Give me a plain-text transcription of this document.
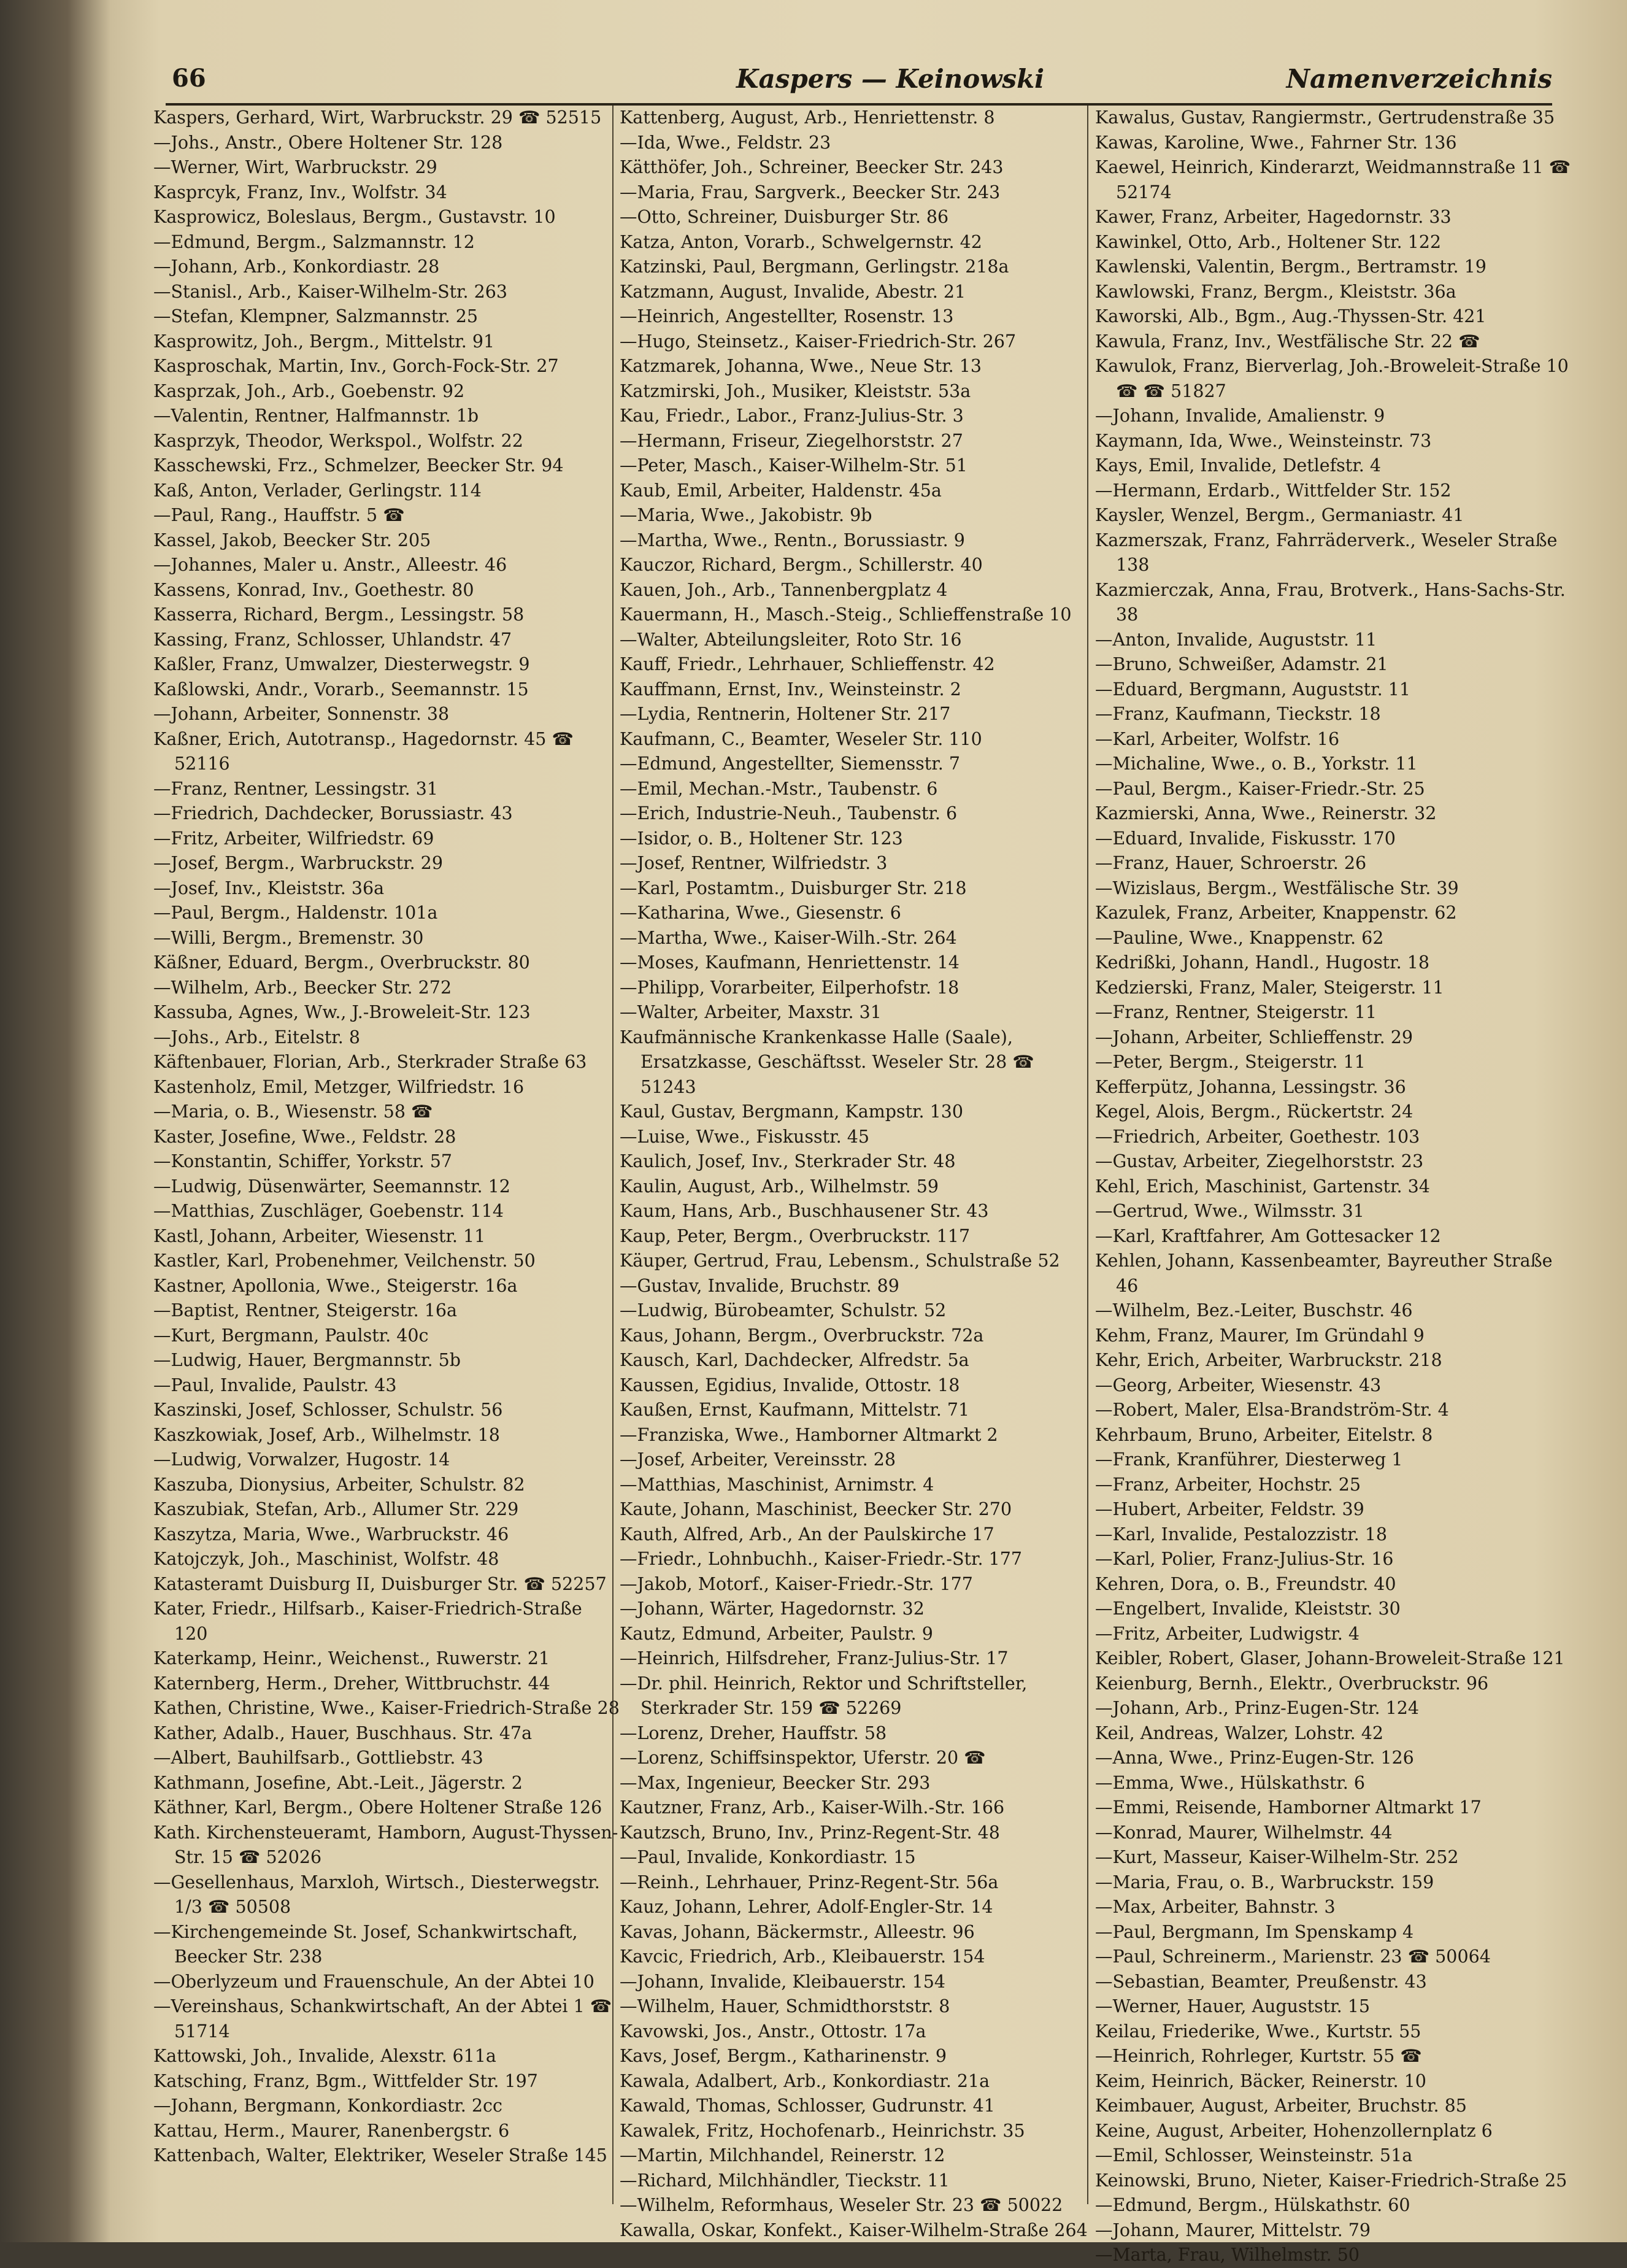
66	Kaspers — Keinowski	Namenverzeichnis

Kaspers, Gerhard, Wirt, Warbruckstr. 29 ☎ 52515

—Johs., Anstr., Obere Holtener Str. 128

—Werner, Wirt, Warbruckstr. 29

Kasprcyk, Franz, Inv., Wolfstr. 34

Kasprowicz, Boleslaus, Bergm., Gustavstr. 10

—Edmund, Bergm., Salzmannstr. 12

—Johann, Arb., Konkordiastr. 28

—Stanisl., Arb., Kaiser-Wilhelm-Str. 263

—Stefan, Klempner, Salzmannstr. 25

Kasprowitz, Joh., Bergm., Mittelstr. 91

Kasproschak, Martin, Inv., Gorch-Fock-Str. 27

Kasprzak, Joh., Arb., Goebenstr. 92

—Valentin, Rentner, Halfmannstr. 1b

Kasprzyk, Theodor, Werkspol., Wolfstr. 22

Kasschewski, Frz., Schmelzer, Beecker Str. 94

Kaß, Anton, Verlader, Gerlingstr. 114

—Paul, Rang., Hauffstr. 5 ☎

Kassel, Jakob, Beecker Str. 205

—Johannes, Maler u. Anstr., Alleestr. 46

Kassens, Konrad, Inv., Goethestr. 80

Kasserra, Richard, Bergm., Lessingstr. 58

Kassing, Franz, Schlosser, Uhlandstr. 47

Kaßler, Franz, Umwalzer, Diesterwegstr. 9

Kaßlowski, Andr., Vorarb., Seemannstr. 15

—Johann, Arbeiter, Sonnenstr. 38

Kaßner, Erich, Autotransp., Hagedornstr. 45 ☎ 52116

—Franz, Rentner, Lessingstr. 31

—Friedrich, Dachdecker, Borussiastr. 43

—Fritz, Arbeiter, Wilfriedstr. 69

—Josef, Bergm., Warbruckstr. 29

—Josef, Inv., Kleiststr. 36a

—Paul, Bergm., Haldenstr. 101a

—Willi, Bergm., Bremenstr. 30

Käßner, Eduard, Bergm., Overbruckstr. 80

—Wilhelm, Arb., Beecker Str. 272

Kassuba, Agnes, Ww., J.-Broweleit-Str. 123

—Johs., Arb., Eitelstr. 8

Käftenbauer, Florian, Arb., Sterkrader Straße 63

Kastenholz, Emil, Metzger, Wilfriedstr. 16

—Maria, o. B., Wiesenstr. 58 ☎

Kaster, Josefine, Wwe., Feldstr. 28

—Konstantin, Schiffer, Yorkstr. 57

—Ludwig, Düsenwärter, Seemannstr. 12

—Matthias, Zuschläger, Goebenstr. 114

Kastl, Johann, Arbeiter, Wiesenstr. 11

Kastler, Karl, Probenehmer, Veilchenstr. 50

Kastner, Apollonia, Wwe., Steigerstr. 16a

—Baptist, Rentner, Steigerstr. 16a

—Kurt, Bergmann, Paulstr. 40c

—Ludwig, Hauer, Bergmannstr. 5b

—Paul, Invalide, Paulstr. 43

Kaszinski, Josef, Schlosser, Schulstr. 56

Kaszkowiak, Josef, Arb., Wilhelmstr. 18

—Ludwig, Vorwalzer, Hugostr. 14

Kaszuba, Dionysius, Arbeiter, Schulstr. 82

Kaszubiak, Stefan, Arb., Allumer Str. 229

Kaszytza, Maria, Wwe., Warbruckstr. 46

Katojczyk, Joh., Maschinist, Wolfstr. 48

Katasteramt Duisburg II, Duisburger Str. ☎ 52257

Kater, Friedr., Hilfsarb., Kaiser-Friedrich-Straße 120

Katerkamp, Heinr., Weichenst., Ruwerstr. 21

Katernberg, Herm., Dreher, Wittbruchstr. 44

Kathen, Christine, Wwe., Kaiser-Friedrich-Straße 28

Kather, Adalb., Hauer, Buschhaus. Str. 47a

—Albert, Bauhilfsarb., Gottliebstr. 43

Kathmann, Josefine, Abt.-Leit., Jägerstr. 2

Käthner, Karl, Bergm., Obere Holtener Straße 126

Kath. Kirchensteueramt, Hamborn, August-Thyssen-Str. 15 ☎ 52026

—Gesellenhaus, Marxloh, Wirtsch., Diesterwegstr. 1/3 ☎ 50508

—Kirchengemeinde St. Josef, Schankwirtschaft, Beecker Str. 238

—Oberlyzeum und Frauenschule, An der Abtei 10

—Vereinshaus, Schankwirtschaft, An der Abtei 1 ☎ 51714

Kattowski, Joh., Invalide, Alexstr. 611a

Katsching, Franz, Bgm., Wittfelder Str. 197

—Johann, Bergmann, Konkordiastr. 2cc

Kattau, Herm., Maurer, Ranenbergstr. 6

Kattenbach, Walter, Elektriker, Weseler Straße 145

Kattenberg, August, Arb., Henriettenstr. 8

—Ida, Wwe., Feldstr. 23

Kätthöfer, Joh., Schreiner, Beecker Str. 243

—Maria, Frau, Sargverk., Beecker Str. 243

—Otto, Schreiner, Duisburger Str. 86

Katza, Anton, Vorarb., Schwelgernstr. 42

Katzinski, Paul, Bergmann, Gerlingstr. 218a

Katzmann, August, Invalide, Abestr. 21

—Heinrich, Angestellter, Rosenstr. 13

—Hugo, Steinsetz., Kaiser-Friedrich-Str. 267

Katzmarek, Johanna, Wwe., Neue Str. 13

Katzmirski, Joh., Musiker, Kleiststr. 53a

Kau, Friedr., Labor., Franz-Julius-Str. 3

—Hermann, Friseur, Ziegelhorststr. 27

—Peter, Masch., Kaiser-Wilhelm-Str. 51

Kaub, Emil, Arbeiter, Haldenstr. 45a

—Maria, Wwe., Jakobistr. 9b

—Martha, Wwe., Rentn., Borussiastr. 9

Kauczor, Richard, Bergm., Schillerstr. 40

Kauen, Joh., Arb., Tannenbergplatz 4

Kauermann, H., Masch.-Steig., Schlieffenstraße 10

—Walter, Abteilungsleiter, Roto Str. 16

Kauff, Friedr., Lehrhauer, Schlieffenstr. 42

Kauffmann, Ernst, Inv., Weinsteinstr. 2

—Lydia, Rentnerin, Holtener Str. 217

Kaufmann, C., Beamter, Weseler Str. 110

—Edmund, Angestellter, Siemensstr. 7

—Emil, Mechan.-Mstr., Taubenstr. 6

—Erich, Industrie-Neuh., Taubenstr. 6

—Isidor, o. B., Holtener Str. 123

—Josef, Rentner, Wilfriedstr. 3

—Karl, Postamtm., Duisburger Str. 218

—Katharina, Wwe., Giesenstr. 6

—Martha, Wwe., Kaiser-Wilh.-Str. 264

—Moses, Kaufmann, Henriettenstr. 14

—Philipp, Vorarbeiter, Eilperhofstr. 18

—Walter, Arbeiter, Maxstr. 31

Kaufmännische Krankenkasse Halle (Saale), Ersatzkasse, Geschäftsst. Weseler Str. 28 ☎ 51243

Kaul, Gustav, Bergmann, Kampstr. 130

—Luise, Wwe., Fiskusstr. 45

Kaulich, Josef, Inv., Sterkrader Str. 48

Kaulin, August, Arb., Wilhelmstr. 59

Kaum, Hans, Arb., Buschhausener Str. 43

Kaup, Peter, Bergm., Overbruckstr. 117

Käuper, Gertrud, Frau, Lebensm., Schulstraße 52

—Gustav, Invalide, Bruchstr. 89

—Ludwig, Bürobeamter, Schulstr. 52

Kaus, Johann, Bergm., Overbruckstr. 72a

Kausch, Karl, Dachdecker, Alfredstr. 5a

Kaussen, Egidius, Invalide, Ottostr. 18

Kaußen, Ernst, Kaufmann, Mittelstr. 71

—Franziska, Wwe., Hamborner Altmarkt 2

—Josef, Arbeiter, Vereinsstr. 28

—Matthias, Maschinist, Arnimstr. 4

Kaute, Johann, Maschinist, Beecker Str. 270

Kauth, Alfred, Arb., An der Paulskirche 17

—Friedr., Lohnbuchh., Kaiser-Friedr.-Str. 177

—Jakob, Motorf., Kaiser-Friedr.-Str. 177

—Johann, Wärter, Hagedornstr. 32

Kautz, Edmund, Arbeiter, Paulstr. 9

—Heinrich, Hilfsdreher, Franz-Julius-Str. 17

—Dr. phil. Heinrich, Rektor und Schriftsteller, Sterkrader Str. 159 ☎ 52269

—Lorenz, Dreher, Hauffstr. 58

—Lorenz, Schiffsinspektor, Uferstr. 20 ☎

—Max, Ingenieur, Beecker Str. 293

Kautzner, Franz, Arb., Kaiser-Wilh.-Str. 166

Kautzsch, Bruno, Inv., Prinz-Regent-Str. 48

—Paul, Invalide, Konkordiastr. 15

—Reinh., Lehrhauer, Prinz-Regent-Str. 56a

Kauz, Johann, Lehrer, Adolf-Engler-Str. 14

Kavas, Johann, Bäckermstr., Alleestr. 96

Kavcic, Friedrich, Arb., Kleibauerstr. 154

—Johann, Invalide, Kleibauerstr. 154

—Wilhelm, Hauer, Schmidthorststr. 8

Kavowski, Jos., Anstr., Ottostr. 17a

Kavs, Josef, Bergm., Katharinenstr. 9

Kawala, Adalbert, Arb., Konkordiastr. 21a

Kawald, Thomas, Schlosser, Gudrunstr. 41

Kawalek, Fritz, Hochofenarb., Heinrichstr. 35

—Martin, Milchhandel, Reinerstr. 12

—Richard, Milchhändler, Tieckstr. 11

—Wilhelm, Reformhaus, Weseler Str. 23 ☎ 50022

Kawalla, Oskar, Konfekt., Kaiser-Wilhelm-Straße 264

Kawalus, Gustav, Rangiermstr., Gertrudenstraße 35

Kawas, Karoline, Wwe., Fahrner Str. 136

Kaewel, Heinrich, Kinderarzt, Weidmannstraße 11 ☎ 52174

Kawer, Franz, Arbeiter, Hagedornstr. 33

Kawinkel, Otto, Arb., Holtener Str. 122

Kawlenski, Valentin, Bergm., Bertramstr. 19

Kawlowski, Franz, Bergm., Kleiststr. 36a

Kaworski, Alb., Bgm., Aug.-Thyssen-Str. 421

Kawula, Franz, Inv., Westfälische Str. 22 ☎

Kawulok, Franz, Bierverlag, Joh.-Broweleit-Straße 10 ☎ ☎ 51827

—Johann, Invalide, Amalienstr. 9

Kaymann, Ida, Wwe., Weinsteinstr. 73

Kays, Emil, Invalide, Detlefstr. 4

—Hermann, Erdarb., Wittfelder Str. 152

Kaysler, Wenzel, Bergm., Germaniastr. 41

Kazmerszak, Franz, Fahrräderverk., Weseler Straße 138

Kazmierczak, Anna, Frau, Brotverk., Hans-Sachs-Str. 38

—Anton, Invalide, Auguststr. 11

—Bruno, Schweißer, Adamstr. 21

—Eduard, Bergmann, Auguststr. 11

—Franz, Kaufmann, Tieckstr. 18

—Karl, Arbeiter, Wolfstr. 16

—Michaline, Wwe., o. B., Yorkstr. 11

—Paul, Bergm., Kaiser-Friedr.-Str. 25

Kazmierski, Anna, Wwe., Reinerstr. 32

—Eduard, Invalide, Fiskusstr. 170

—Franz, Hauer, Schroerstr. 26

—Wizislaus, Bergm., Westfälische Str. 39

Kazulek, Franz, Arbeiter, Knappenstr. 62

—Pauline, Wwe., Knappenstr. 62

Kedrißki, Johann, Handl., Hugostr. 18

Kedzierski, Franz, Maler, Steigerstr. 11

—Franz, Rentner, Steigerstr. 11

—Johann, Arbeiter, Schlieffenstr. 29

—Peter, Bergm., Steigerstr. 11

Kefferpütz, Johanna, Lessingstr. 36

Kegel, Alois, Bergm., Rückertstr. 24

—Friedrich, Arbeiter, Goethestr. 103

—Gustav, Arbeiter, Ziegelhorststr. 23

Kehl, Erich, Maschinist, Gartenstr. 34

—Gertrud, Wwe., Wilmsstr. 31

—Karl, Kraftfahrer, Am Gottesacker 12

Kehlen, Johann, Kassenbeamter, Bayreuther Straße 46

—Wilhelm, Bez.-Leiter, Buschstr. 46

Kehm, Franz, Maurer, Im Gründahl 9

Kehr, Erich, Arbeiter, Warbruckstr. 218

—Georg, Arbeiter, Wiesenstr. 43

—Robert, Maler, Elsa-Brandström-Str. 4

Kehrbaum, Bruno, Arbeiter, Eitelstr. 8

—Frank, Kranführer, Diesterweg 1

—Franz, Arbeiter, Hochstr. 25

—Hubert, Arbeiter, Feldstr. 39

—Karl, Invalide, Pestalozzistr. 18

—Karl, Polier, Franz-Julius-Str. 16

Kehren, Dora, o. B., Freundstr. 40

—Engelbert, Invalide, Kleiststr. 30

—Fritz, Arbeiter, Ludwigstr. 4

Keibler, Robert, Glaser, Johann-Broweleit-Straße 121

Keienburg, Bernh., Elektr., Overbruckstr. 96

—Johann, Arb., Prinz-Eugen-Str. 124

Keil, Andreas, Walzer, Lohstr. 42

—Anna, Wwe., Prinz-Eugen-Str. 126

—Emma, Wwe., Hülskathstr. 6

—Emmi, Reisende, Hamborner Altmarkt 17

—Konrad, Maurer, Wilhelmstr. 44

—Kurt, Masseur, Kaiser-Wilhelm-Str. 252

—Maria, Frau, o. B., Warbruckstr. 159

—Max, Arbeiter, Bahnstr. 3

—Paul, Bergmann, Im Spenskamp 4

—Paul, Schreinerm., Marienstr. 23 ☎ 50064

—Sebastian, Beamter, Preußenstr. 43

—Werner, Hauer, Auguststr. 15

Keilau, Friederike, Wwe., Kurtstr. 55

—Heinrich, Rohrleger, Kurtstr. 55 ☎

Keim, Heinrich, Bäcker, Reinerstr. 10

Keimbauer, August, Arbeiter, Bruchstr. 85

Keine, August, Arbeiter, Hohenzollernplatz 6

—Emil, Schlosser, Weinsteinstr. 51a

Keinowski, Bruno, Nieter, Kaiser-Friedrich-Straße 25

—Edmund, Bergm., Hülskathstr. 60

—Johann, Maurer, Mittelstr. 79

—Marta, Frau, Wilhelmstr. 50
